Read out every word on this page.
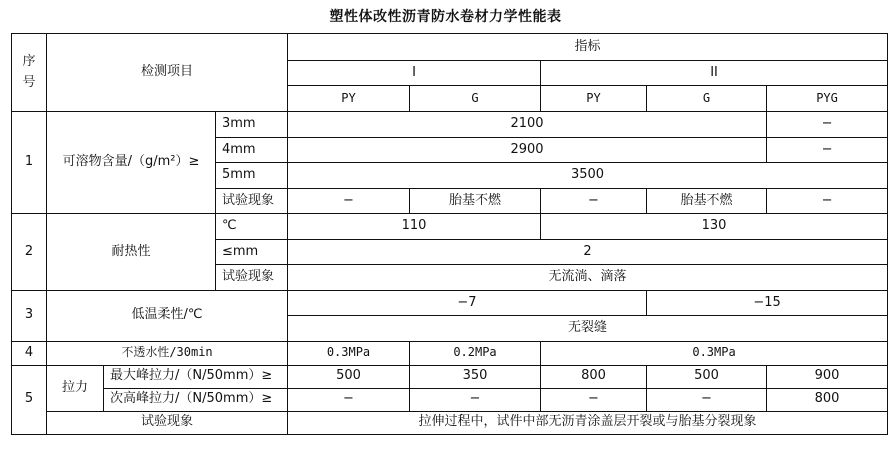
塑性体改性沥青防水卷材力学性能表
序
号	检测项目			指标				
				I		II		
				PY	G	PY	G	PYG
1	可溶物含量/（g/m²）≥		3mm	2100				−
			4mm	2900				−
			5mm	3500				
			试验现象	−	胎基不燃	−	胎基不燃	−
2	耐热性		℃	110		130		
			≤mm	2				
			试验现象	无流淌、滴落				
3	低温柔性/℃			−7			−15	
				无裂缝				
4	不透水性/30min			0.3MPa	0.2MPa	0.3MPa		
5	拉力	最大峰拉力/（N/50mm）≥		500	350	800	500	900
		次高峰拉力/（N/50mm）≥		−	−	−	−	800
	试验现象			拉伸过程中，试件中部无沥青涂盖层开裂或与胎基分裂现象				
